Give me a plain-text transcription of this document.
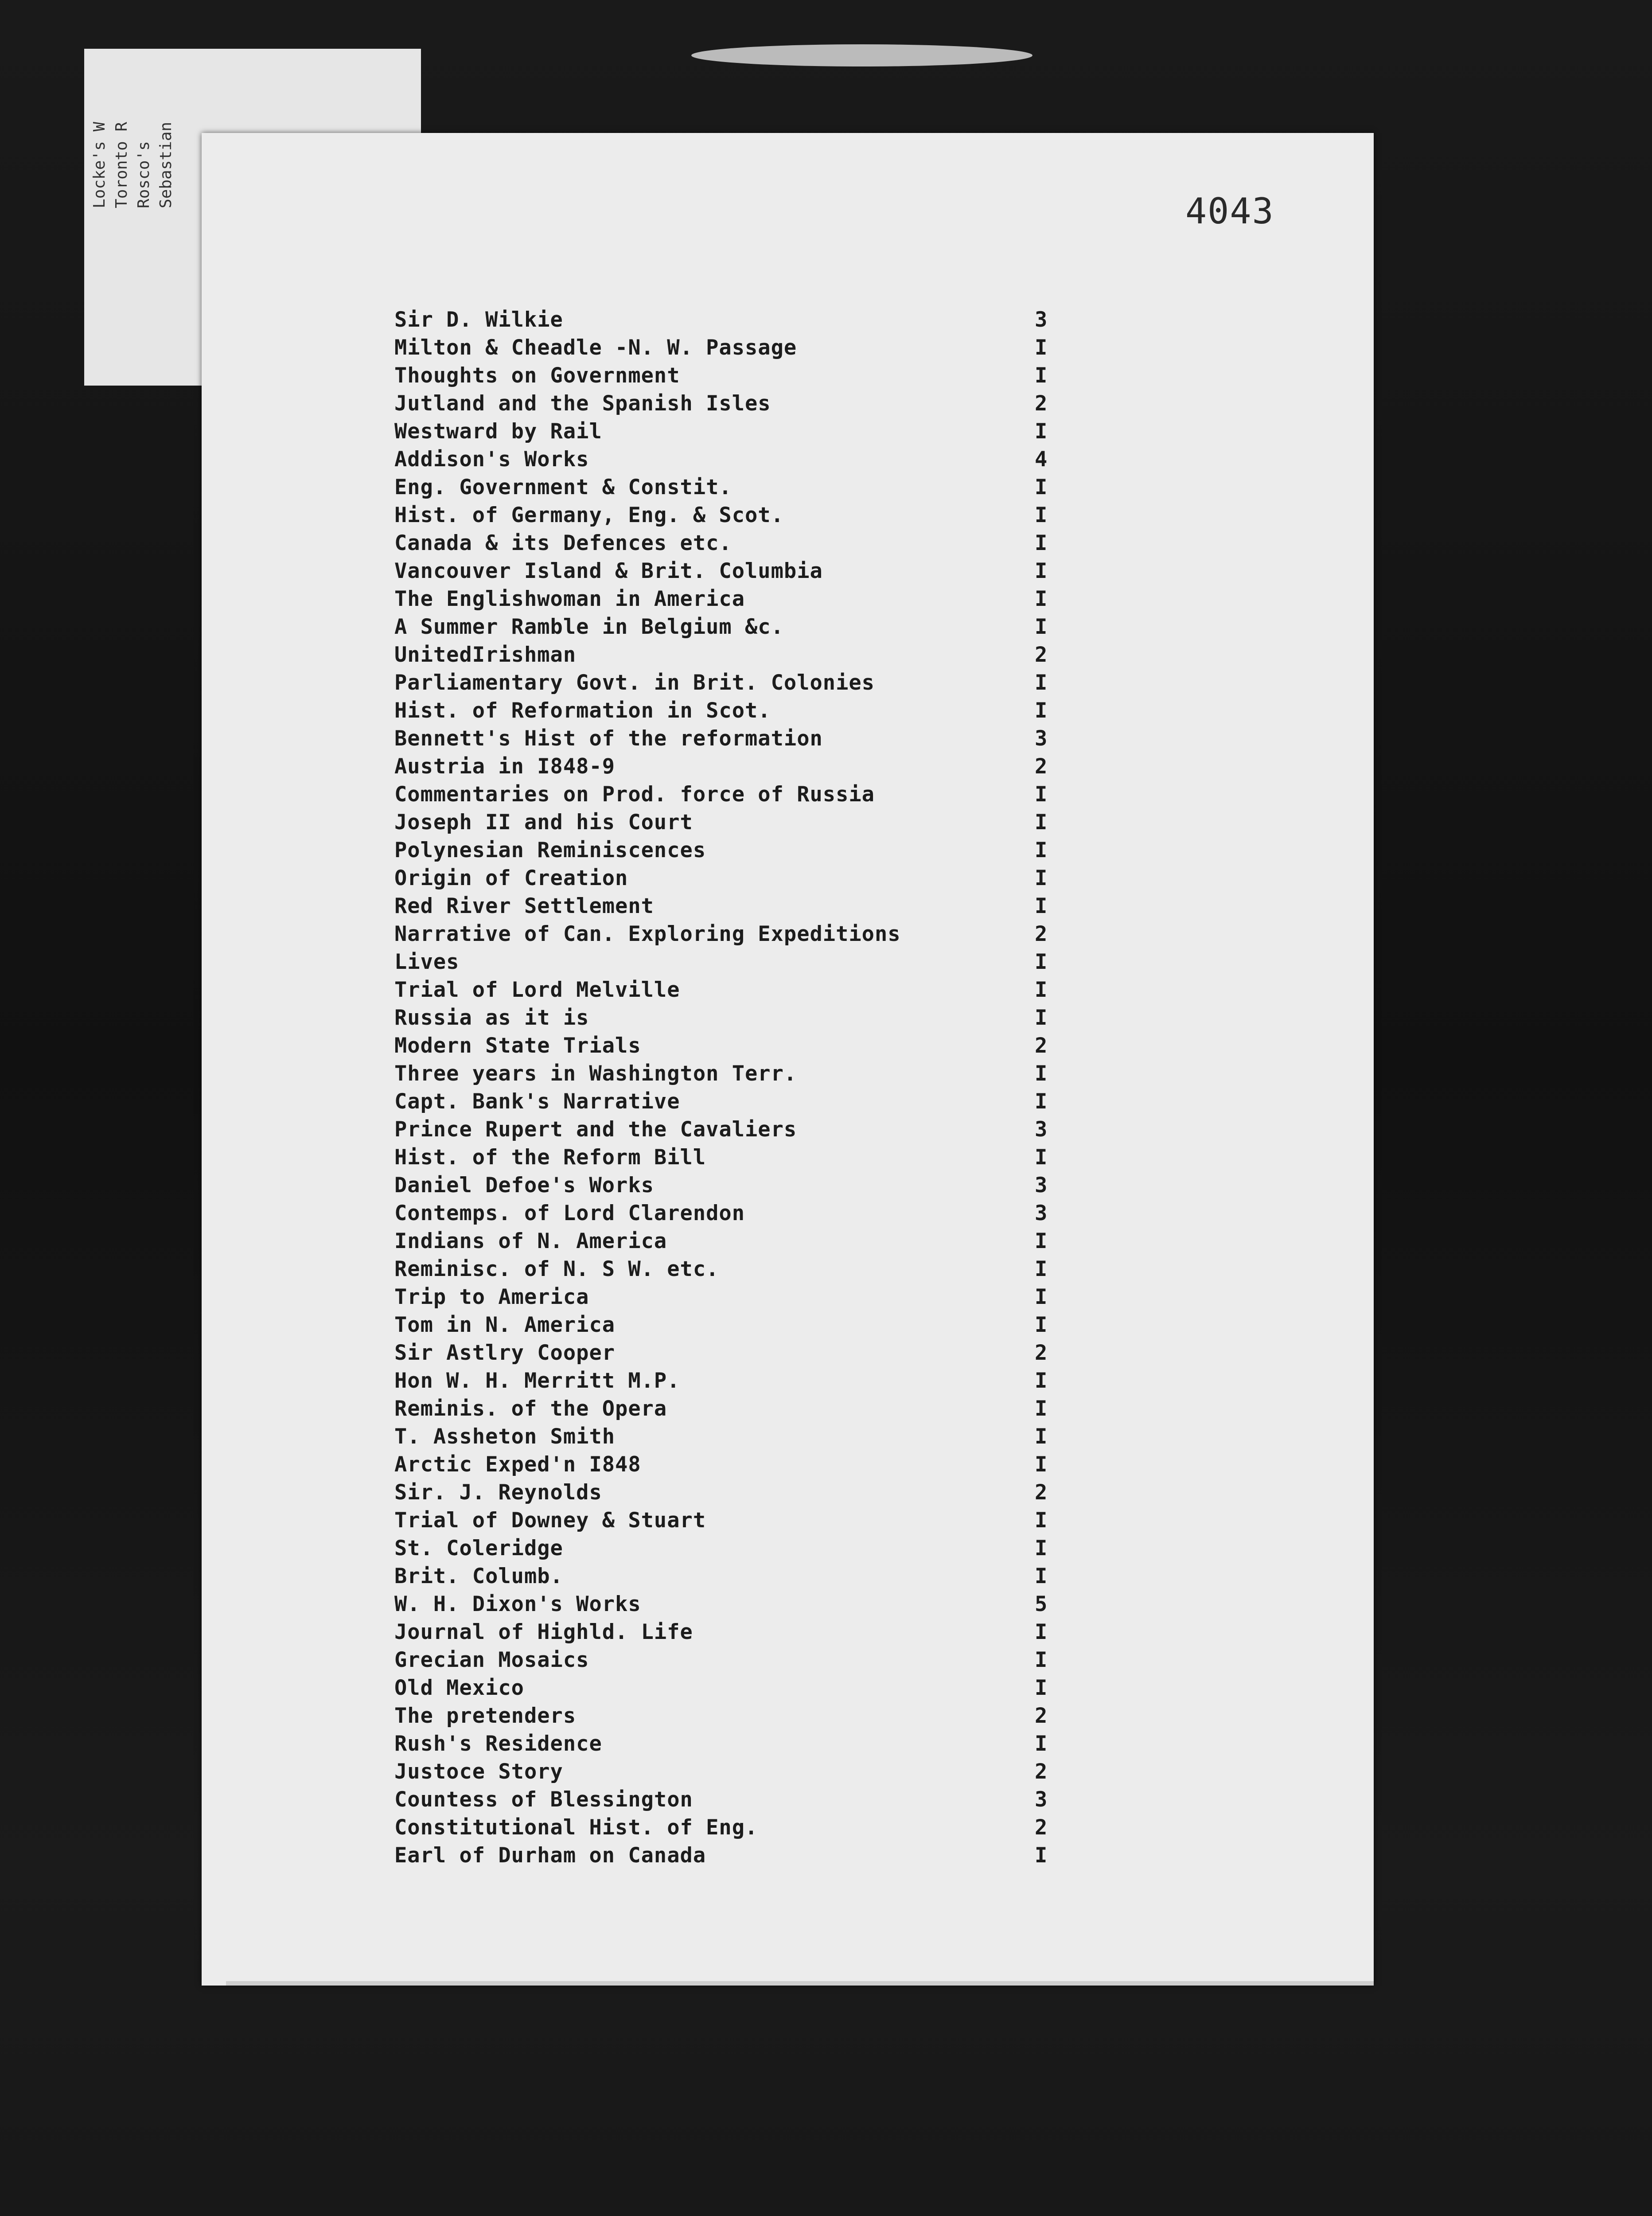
Locke's W Toronto R Rosco's Sebastian
4043
Sir D. Wilkie	3
Milton & Cheadle -N. W. Passage	I
Thoughts on Government	I
Jutland and the Spanish Isles	2
Westward by Rail	I
Addison's Works	4
Eng. Government & Constit.	I
Hist. of Germany, Eng. & Scot.	I
Canada & its Defences etc.	I
Vancouver Island & Brit. Columbia	I
The Englishwoman in America	I
A Summer Ramble in Belgium &c.	I
UnitedIrishman	2
Parliamentary Govt. in Brit. Colonies	I
Hist. of Reformation in Scot.	I
Bennett's Hist of the reformation	3
Austria in I848-9	2
Commentaries on Prod. force of Russia	I
Joseph II and his Court	I
Polynesian Reminiscences	I
Origin of Creation	I
Red River Settlement	I
Narrative of Can. Exploring Expeditions	2
Lives	I
Trial of Lord Melville	I
Russia as it is	I
Modern State Trials	2
Three years in Washington Terr.	I
Capt. Bank's Narrative	I
Prince Rupert and the Cavaliers	3
Hist. of the Reform Bill	I
Daniel Defoe's Works	3
Contemps. of Lord Clarendon	3
Indians of N. America	I
Reminisc. of N. S W. etc.	I
Trip to America	I
Tom in N. America	I
Sir Astlry Cooper	2
Hon W. H. Merritt M.P.	I
Reminis. of the Opera	I
T. Assheton Smith	I
Arctic Exped'n I848	I
Sir. J. Reynolds	2
Trial of Downey & Stuart	I
St. Coleridge	I
Brit. Columb.	I
W. H. Dixon's Works	5
Journal of Highld. Life	I
Grecian Mosaics	I
Old Mexico	I
The pretenders	2
Rush's Residence	I
Justoce Story	2
Countess of Blessington	3
Constitutional Hist. of Eng.	2
Earl of Durham on Canada	I
